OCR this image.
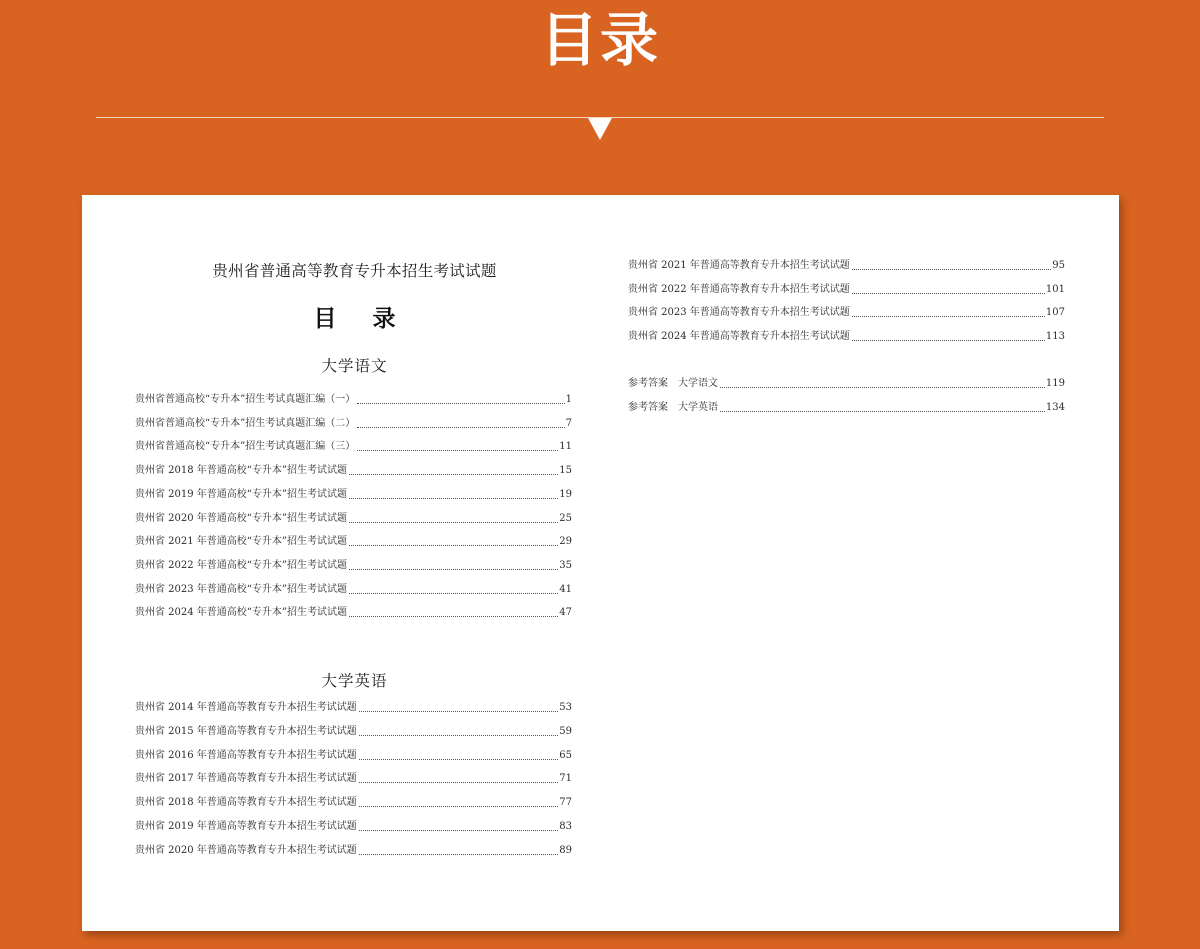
目录
贵州省普通高等教育专升本招生考试试题
目 录
大学语文
贵州省普通高校“专升本”招生考试真题汇编（一）	1
贵州省普通高校“专升本”招生考试真题汇编（二）	7
贵州省普通高校“专升本”招生考试真题汇编（三）	11
贵州省 2018 年普通高校“专升本”招生考试试题	15
贵州省 2019 年普通高校“专升本”招生考试试题	19
贵州省 2020 年普通高校“专升本”招生考试试题	25
贵州省 2021 年普通高校“专升本”招生考试试题	29
贵州省 2022 年普通高校“专升本”招生考试试题	35
贵州省 2023 年普通高校“专升本”招生考试试题	41
贵州省 2024 年普通高校“专升本”招生考试试题	47
大学英语
贵州省 2014 年普通高等教育专升本招生考试试题	53
贵州省 2015 年普通高等教育专升本招生考试试题	59
贵州省 2016 年普通高等教育专升本招生考试试题	65
贵州省 2017 年普通高等教育专升本招生考试试题	71
贵州省 2018 年普通高等教育专升本招生考试试题	77
贵州省 2019 年普通高等教育专升本招生考试试题	83
贵州省 2020 年普通高等教育专升本招生考试试题	89
贵州省 2021 年普通高等教育专升本招生考试试题	95
贵州省 2022 年普通高等教育专升本招生考试试题	101
贵州省 2023 年普通高等教育专升本招生考试试题	107
贵州省 2024 年普通高等教育专升本招生考试试题	113
参考答案 大学语文	119
参考答案 大学英语	134
